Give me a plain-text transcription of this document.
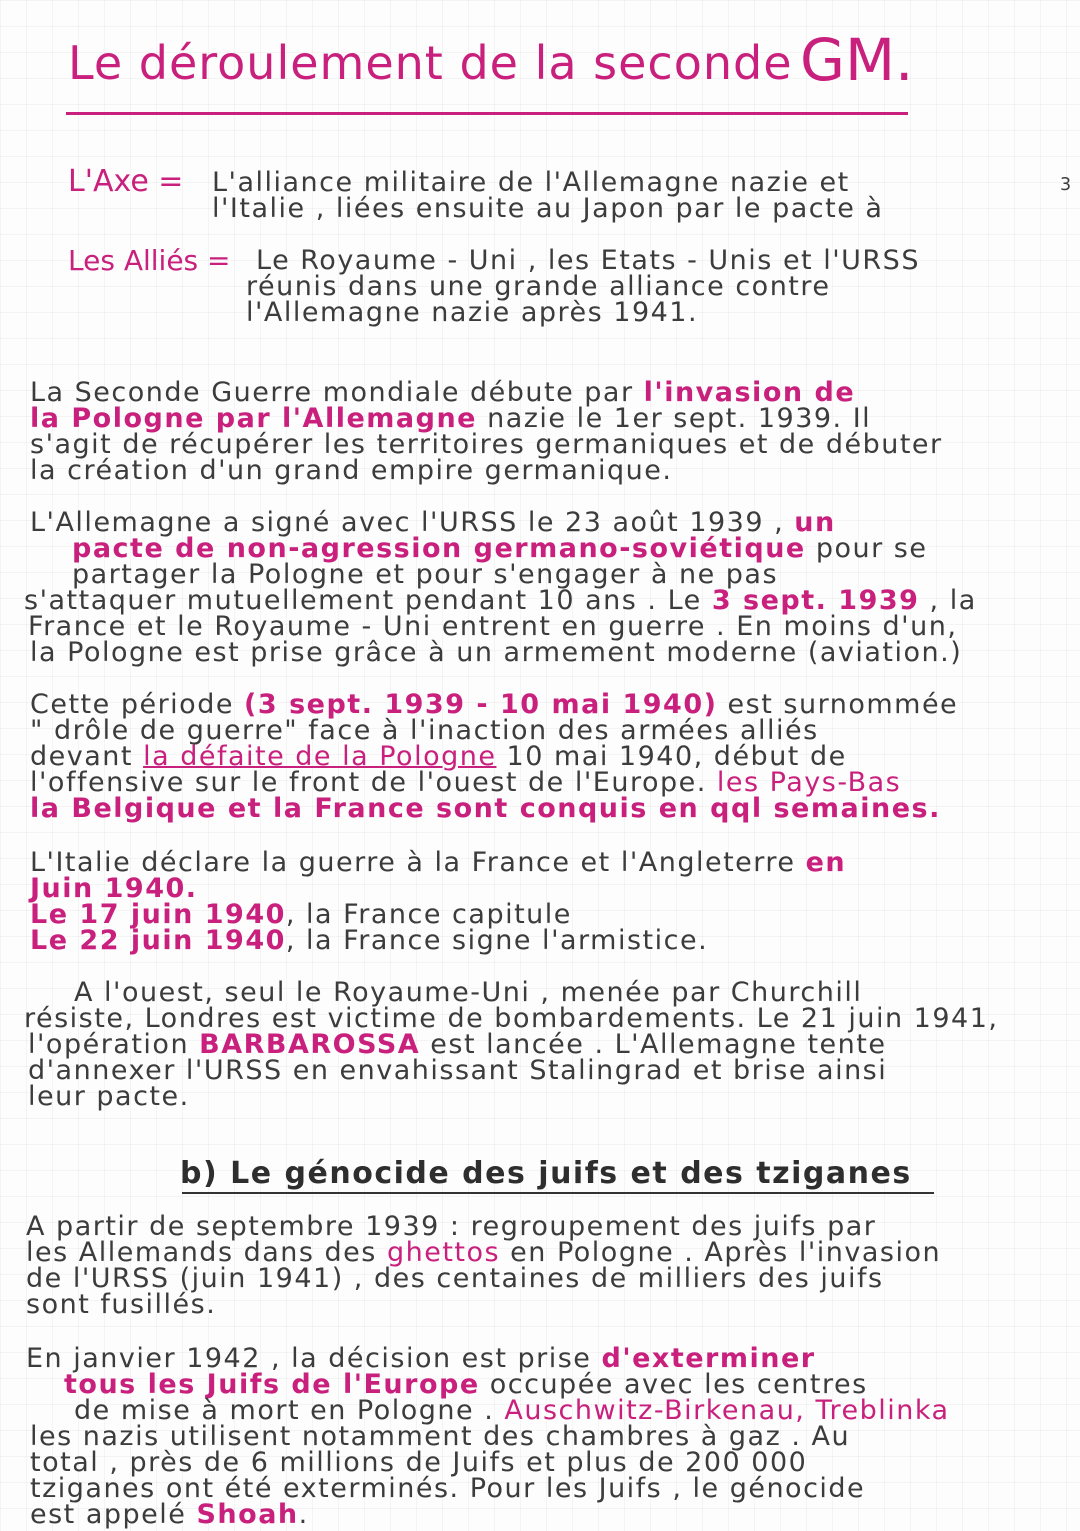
Le déroulement de la seconde GM.
3
L'Axe = L'alliance militaire de l'Allemagne nazie et
l'Italie , liées ensuite au Japon par le pacte à
Les Alliés = Le Royaume - Uni , les Etats - Unis et l'URSS
réunis dans une grande alliance contre
l'Allemagne nazie après 1941.
La Seconde Guerre mondiale débute par l'invasion de
la Pologne par l'Allemagne nazie le 1er sept. 1939. Il
s'agit de récupérer les territoires germaniques et de débuter
la création d'un grand empire germanique.
L'Allemagne a signé avec l'URSS le 23 août 1939 , un
pacte de non-agression germano-soviétique pour se
partager la Pologne et pour s'engager à ne pas
s'attaquer mutuellement pendant 10 ans . Le 3 sept. 1939 , la
France et le Royaume - Uni entrent en guerre . En moins d'un,
la Pologne est prise grâce à un armement moderne (aviation.)
Cette période (3 sept. 1939 - 10 mai 1940) est surnommée
" drôle de guerre" face à l'inaction des armées alliés
devant la défaite de la Pologne 10 mai 1940, début de
l'offensive sur le front de l'ouest de l'Europe. les Pays-Bas
la Belgique et la France sont conquis en qql semaines.
L'Italie déclare la guerre à la France et l'Angleterre en
Juin 1940.
Le 17 juin 1940, la France capitule
Le 22 juin 1940, la France signe l'armistice.
A l'ouest, seul le Royaume-Uni , menée par Churchill
résiste, Londres est victime de bombardements. Le 21 juin 1941,
l'opération BARBAROSSA est lancée . L'Allemagne tente
d'annexer l'URSS en envahissant Stalingrad et brise ainsi
leur pacte.
b) Le génocide des juifs et des tziganes
A partir de septembre 1939 : regroupement des juifs par
les Allemands dans des ghettos en Pologne . Après l'invasion
de l'URSS (juin 1941) , des centaines de milliers des juifs
sont fusillés.
En janvier 1942 , la décision est prise d'exterminer
tous les Juifs de l'Europe occupée avec les centres
de mise à mort en Pologne . Auschwitz-Birkenau, Treblinka
les nazis utilisent notamment des chambres à gaz . Au
total , près de 6 millions de Juifs et plus de 200 000
tziganes ont été exterminés. Pour les Juifs , le génocide
est appelé Shoah.
